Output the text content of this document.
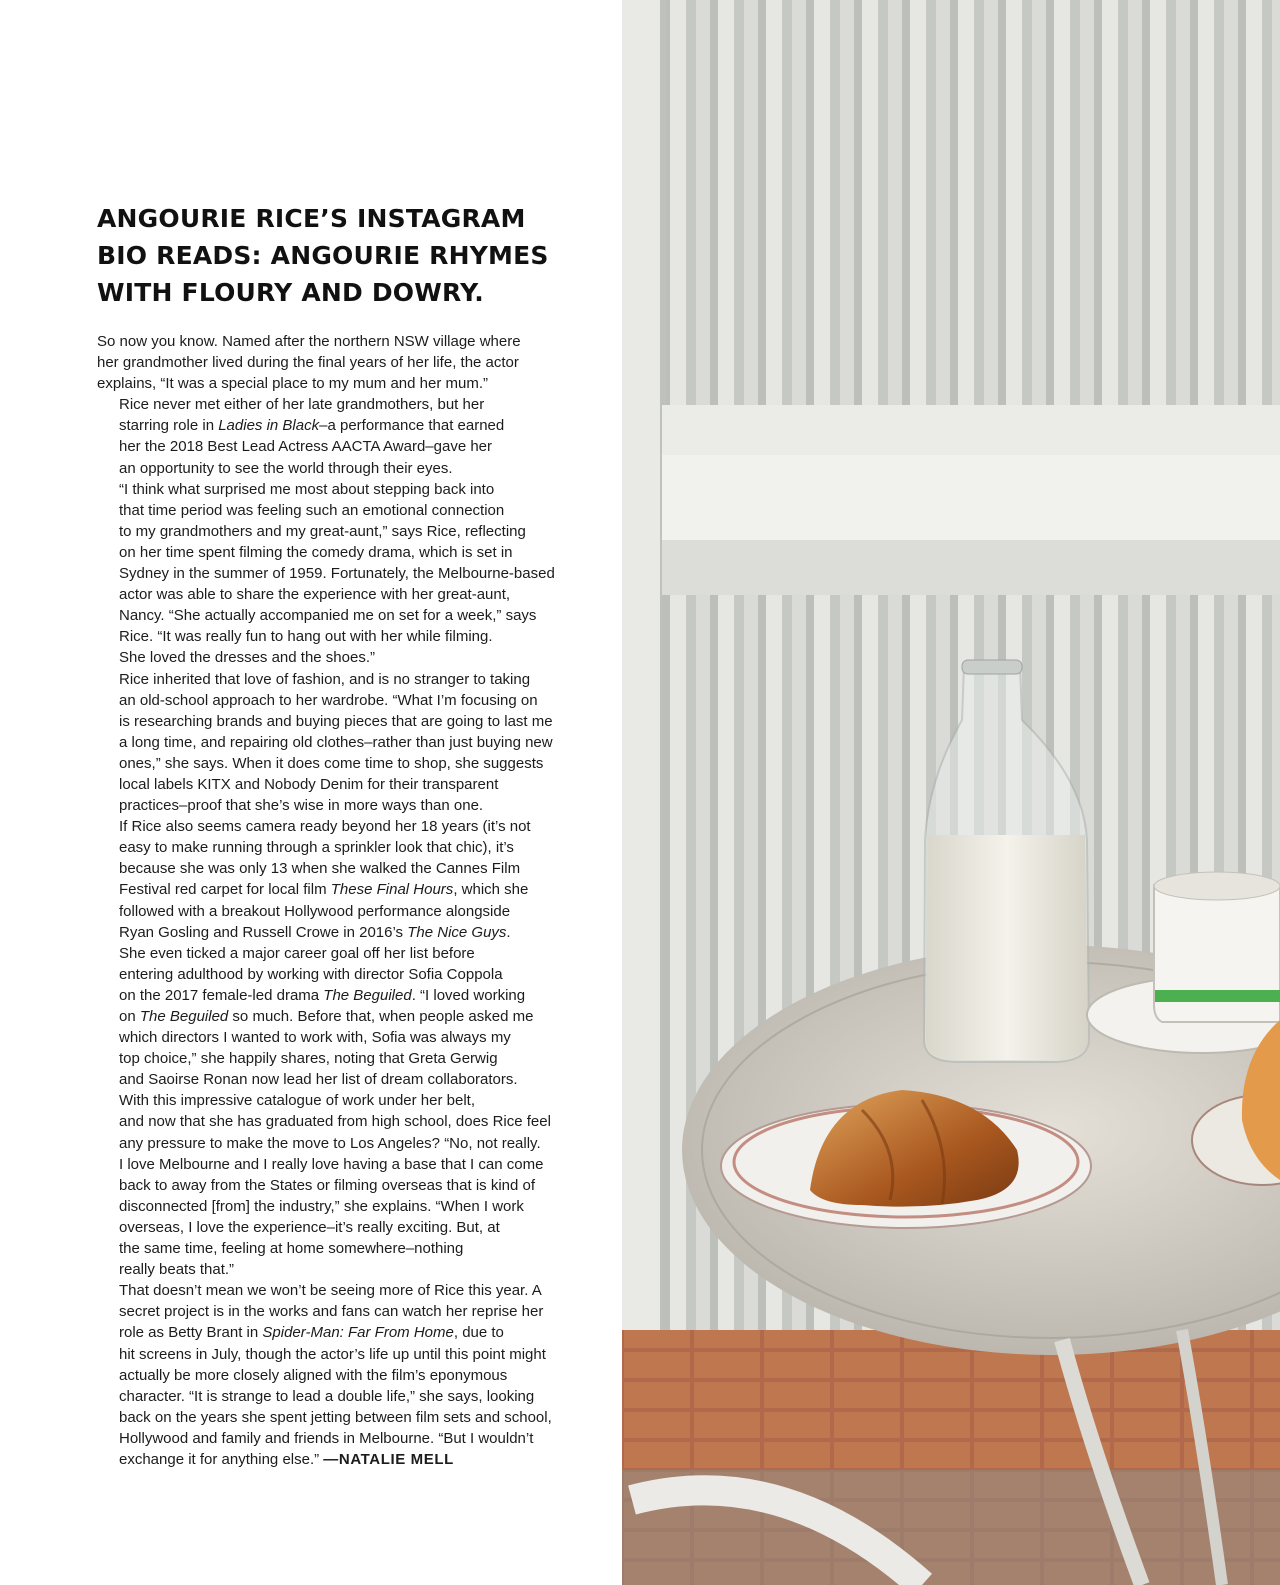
ANGOURIE RICE’S INSTAGRAM
BIO READS: ANGOURIE RHYMES
WITH FLOURY AND DOWRY.

So now you know. Named after the northern NSW village where
her grandmother lived during the final years of her life, the actor
explains, “It was a special place to my mum and her mum.”

Rice never met either of her late grandmothers, but her
starring role in Ladies in Black–a performance that earned
her the 2018 Best Lead Actress AACTA Award–gave her
an opportunity to see the world through their eyes.

“I think what surprised me most about stepping back into
that time period was feeling such an emotional connection
to my grandmothers and my great-aunt,” says Rice, reflecting
on her time spent filming the comedy drama, which is set in
Sydney in the summer of 1959. Fortunately, the Melbourne-based
actor was able to share the experience with her great-aunt,
Nancy. “She actually accompanied me on set for a week,” says
Rice. “It was really fun to hang out with her while filming.
She loved the dresses and the shoes.”

Rice inherited that love of fashion, and is no stranger to taking
an old-school approach to her wardrobe. “What I’m focusing on
is researching brands and buying pieces that are going to last me
a long time, and repairing old clothes–rather than just buying new
ones,” she says. When it does come time to shop, she suggests
local labels KITX and Nobody Denim for their transparent
practices–proof that she’s wise in more ways than one.

If Rice also seems camera ready beyond her 18 years (it’s not
easy to make running through a sprinkler look that chic), it’s
because she was only 13 when she walked the Cannes Film
Festival red carpet for local film These Final Hours, which she
followed with a breakout Hollywood performance alongside
Ryan Gosling and Russell Crowe in 2016’s The Nice Guys.

She even ticked a major career goal off her list before
entering adulthood by working with director Sofia Coppola
on the 2017 female-led drama The Beguiled. “I loved working
on The Beguiled so much. Before that, when people asked me
which directors I wanted to work with, Sofia was always my
top choice,” she happily shares, noting that Greta Gerwig
and Saoirse Ronan now lead her list of dream collaborators.

With this impressive catalogue of work under her belt,
and now that she has graduated from high school, does Rice feel
any pressure to make the move to Los Angeles? “No, not really.
I love Melbourne and I really love having a base that I can come
back to away from the States or filming overseas that is kind of
disconnected [from] the industry,” she explains. “When I work
overseas, I love the experience–it’s really exciting. But, at
the same time, feeling at home somewhere–nothing
really beats that.”

That doesn’t mean we won’t be seeing more of Rice this year. A
secret project is in the works and fans can watch her reprise her
role as Betty Brant in Spider-Man: Far From Home, due to
hit screens in July, though the actor’s life up until this point might
actually be more closely aligned with the film’s eponymous
character. “It is strange to lead a double life,” she says, looking
back on the years she spent jetting between film sets and school,
Hollywood and family and friends in Melbourne. “But I wouldn’t
exchange it for anything else.” —NATALIE MELL
